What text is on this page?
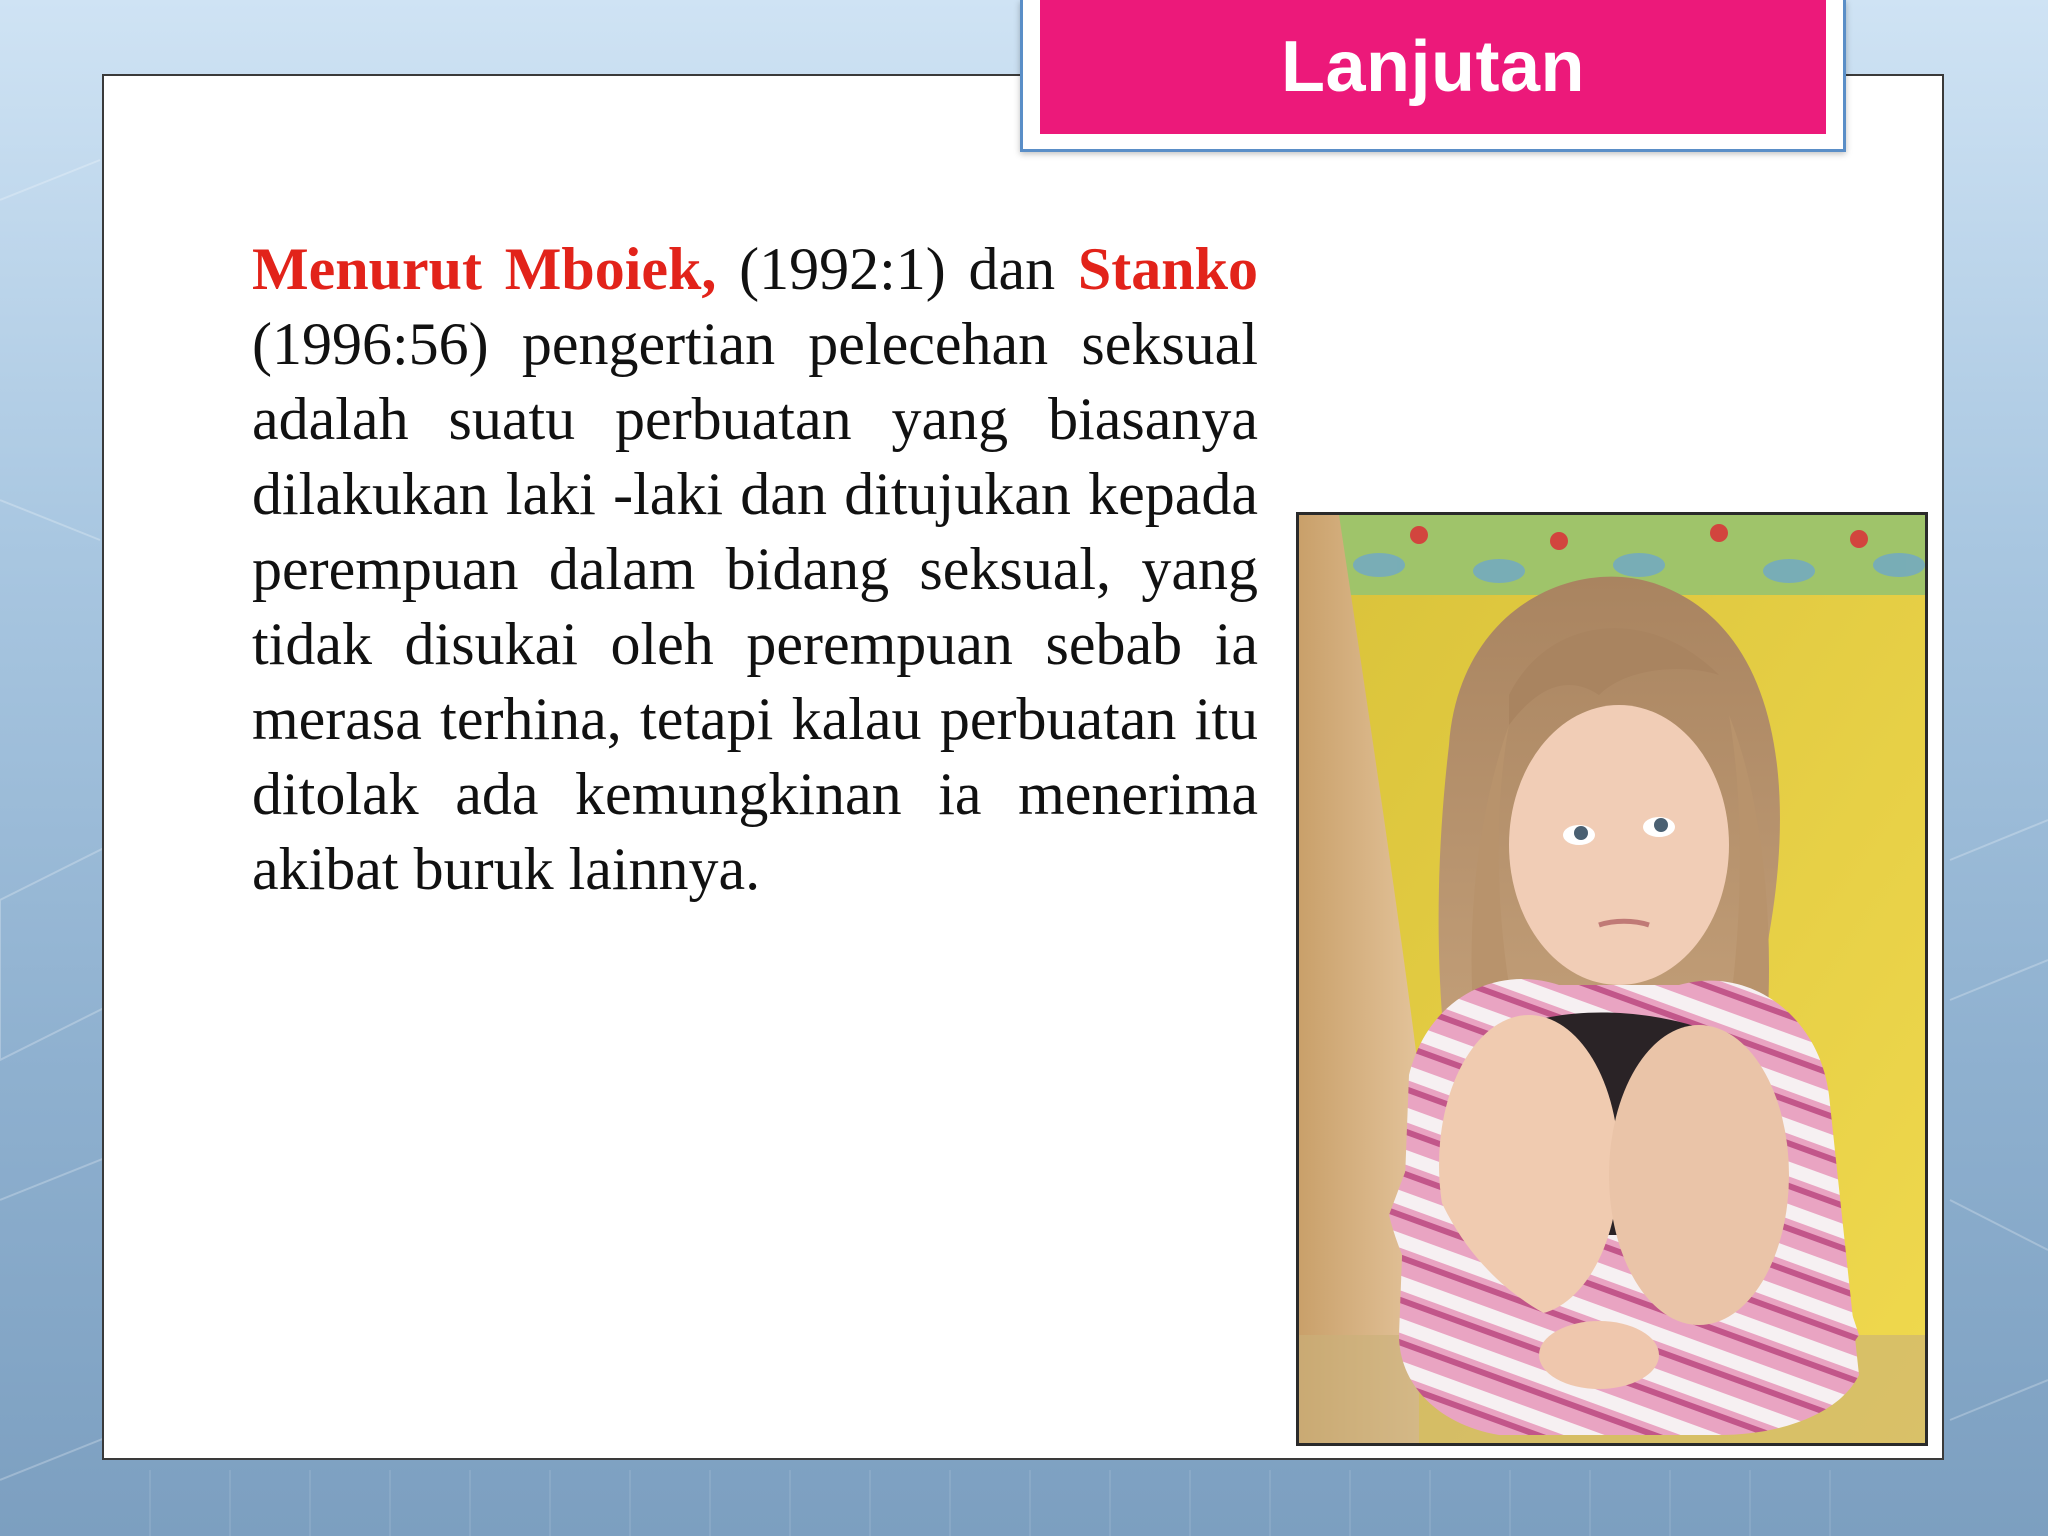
Lanjutan

Menurut Mboiek, (1992:1) dan Stanko (1996:56) pengertian pelecehan seksual adalah suatu perbuatan yang biasanya dilakukan laki -laki dan ditujukan kepada perempuan dalam bidang seksual, yang tidak disukai oleh perempuan sebab ia merasa terhina, tetapi kalau perbuatan itu ditolak ada kemungkinan ia menerima akibat buruk lainnya.
